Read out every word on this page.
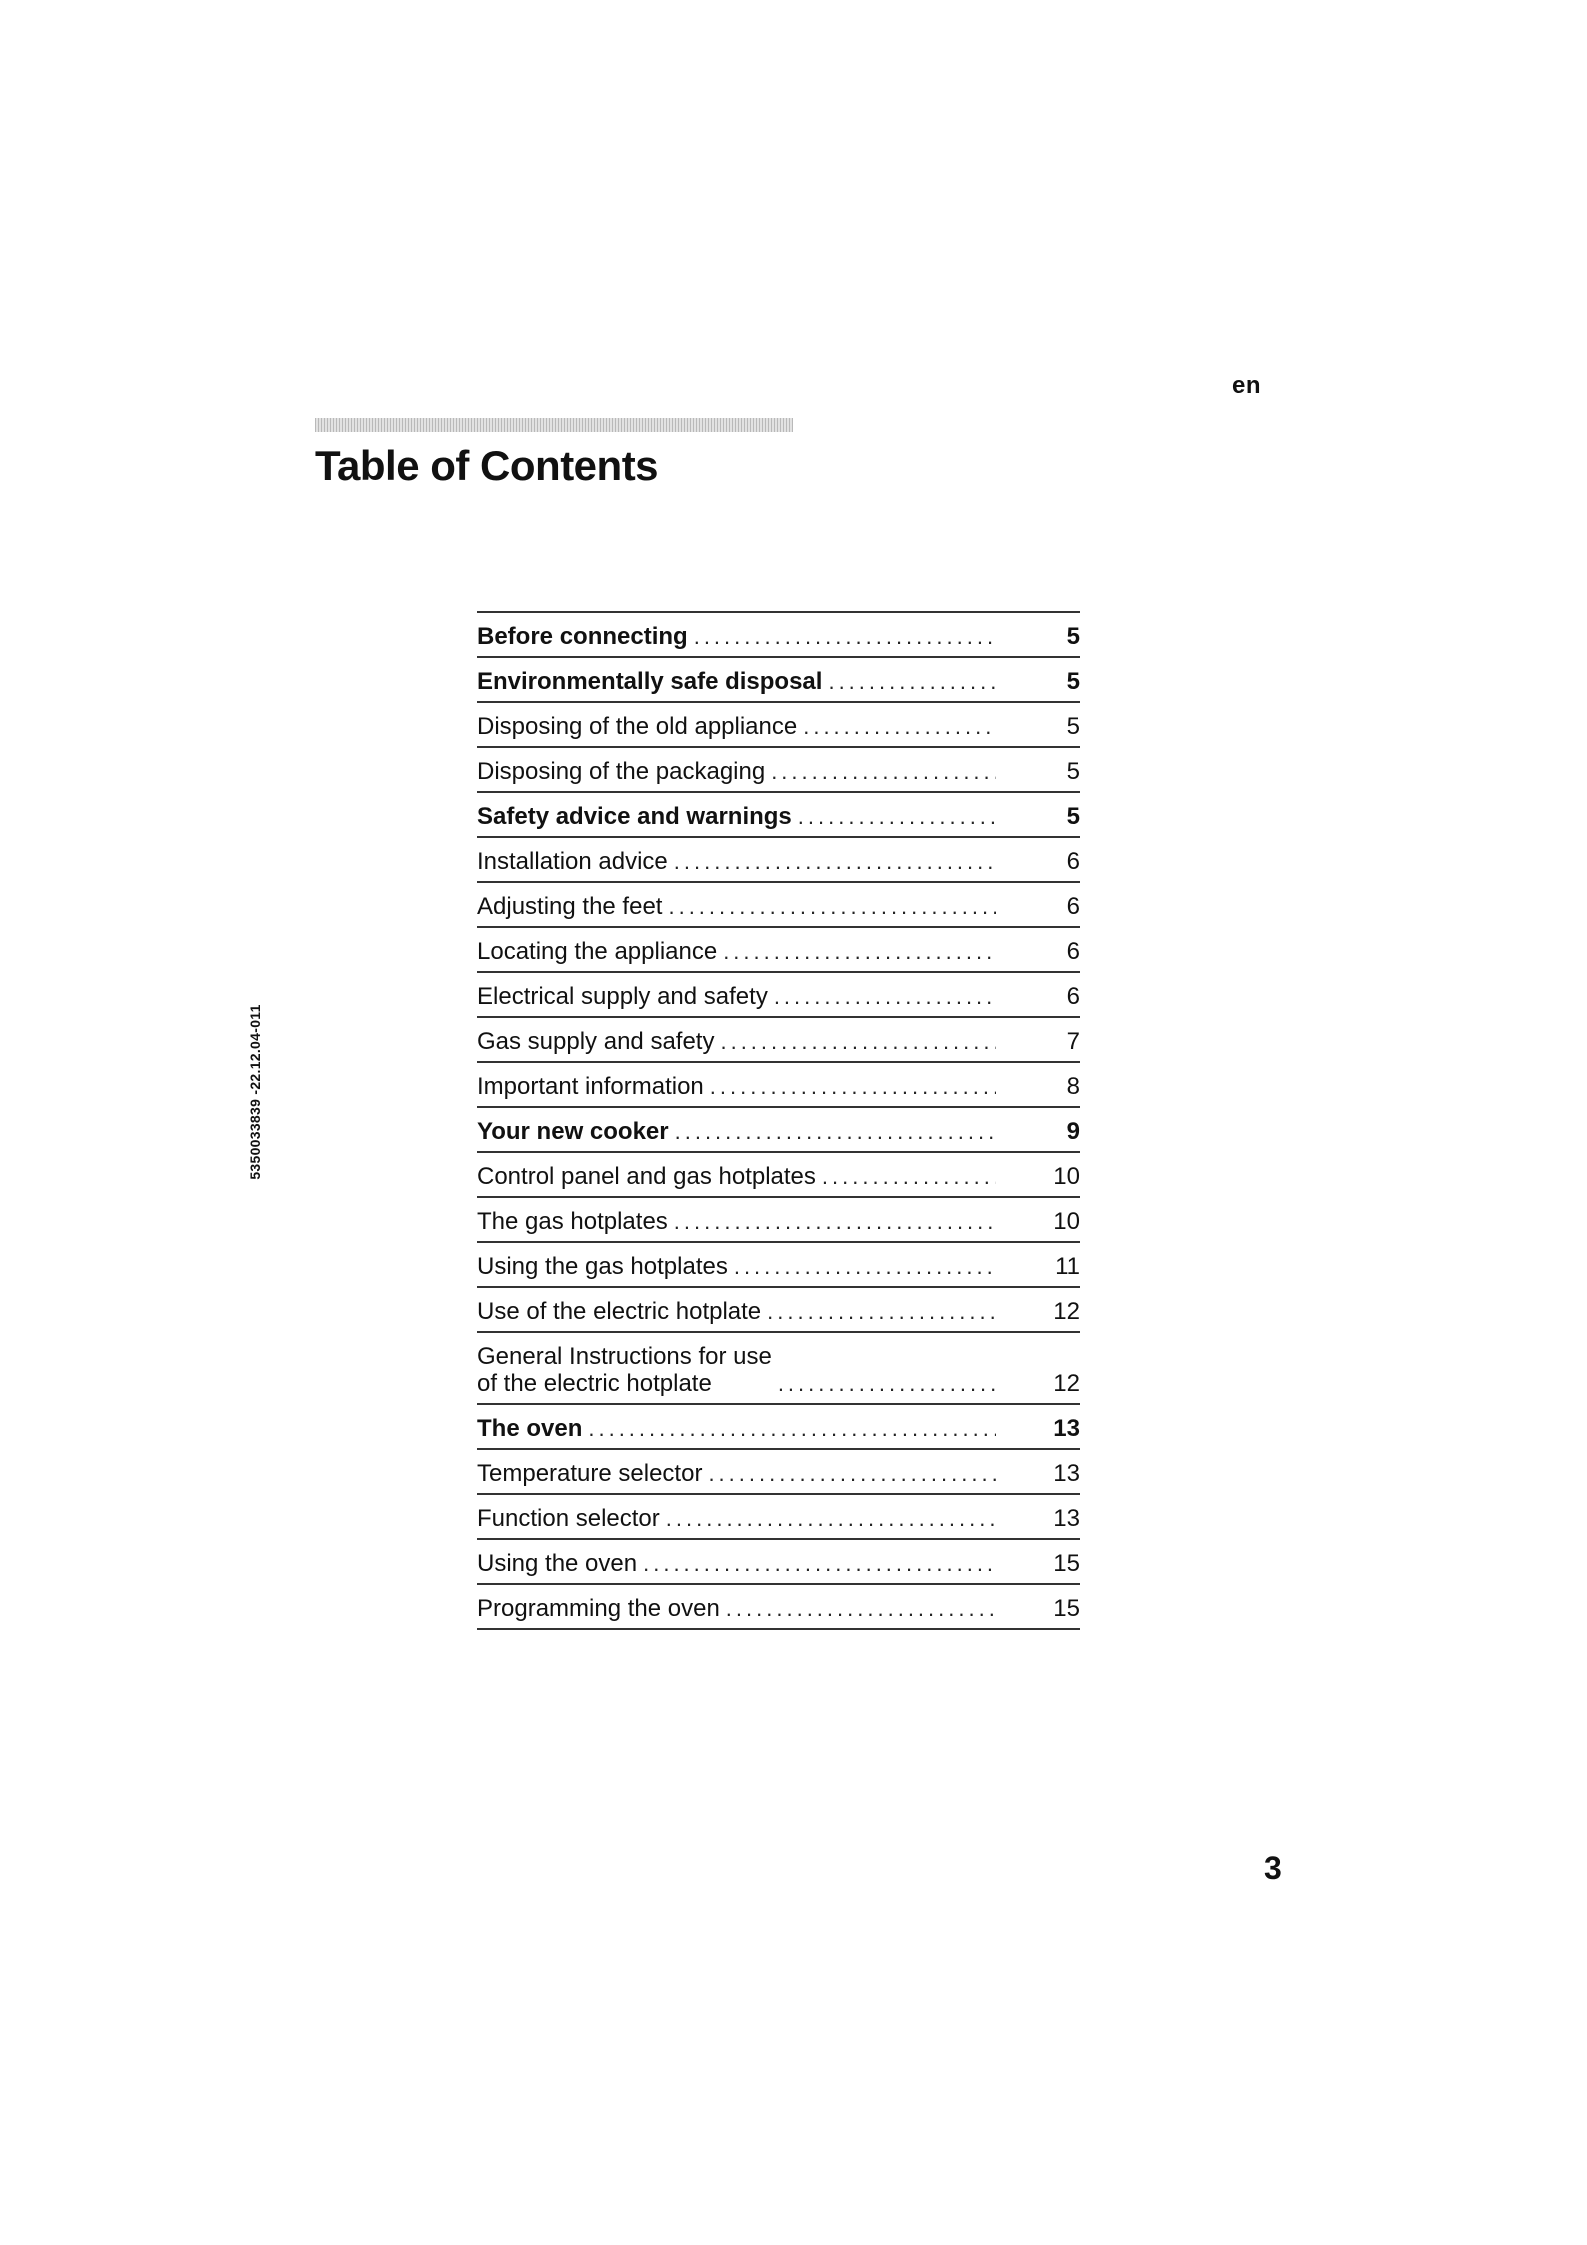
en
Table of Contents
5350033839 -22.12.04-011
Before connecting .....	5
Environmentally safe disposal .....	5
Disposing of the old appliance .....	5
Disposing of the packaging .....	5
Safety advice and warnings .....	5
Installation advice .....	6
Adjusting the feet .....	6
Locating the appliance .....	6
Electrical supply and safety .....	6
Gas supply and safety .....	7
Important information .....	8
Your new cooker .....	9
Control panel and gas hotplates .....	10
The gas hotplates .....	10
Using the gas hotplates .....	11
Use of the electric hotplate .....	12
General Instructions for use
of the electric hotplate .....	12
The oven .....	13
Temperature selector .....	13
Function selector .....	13
Using the oven .....	15
Programming the oven .....	15
3
